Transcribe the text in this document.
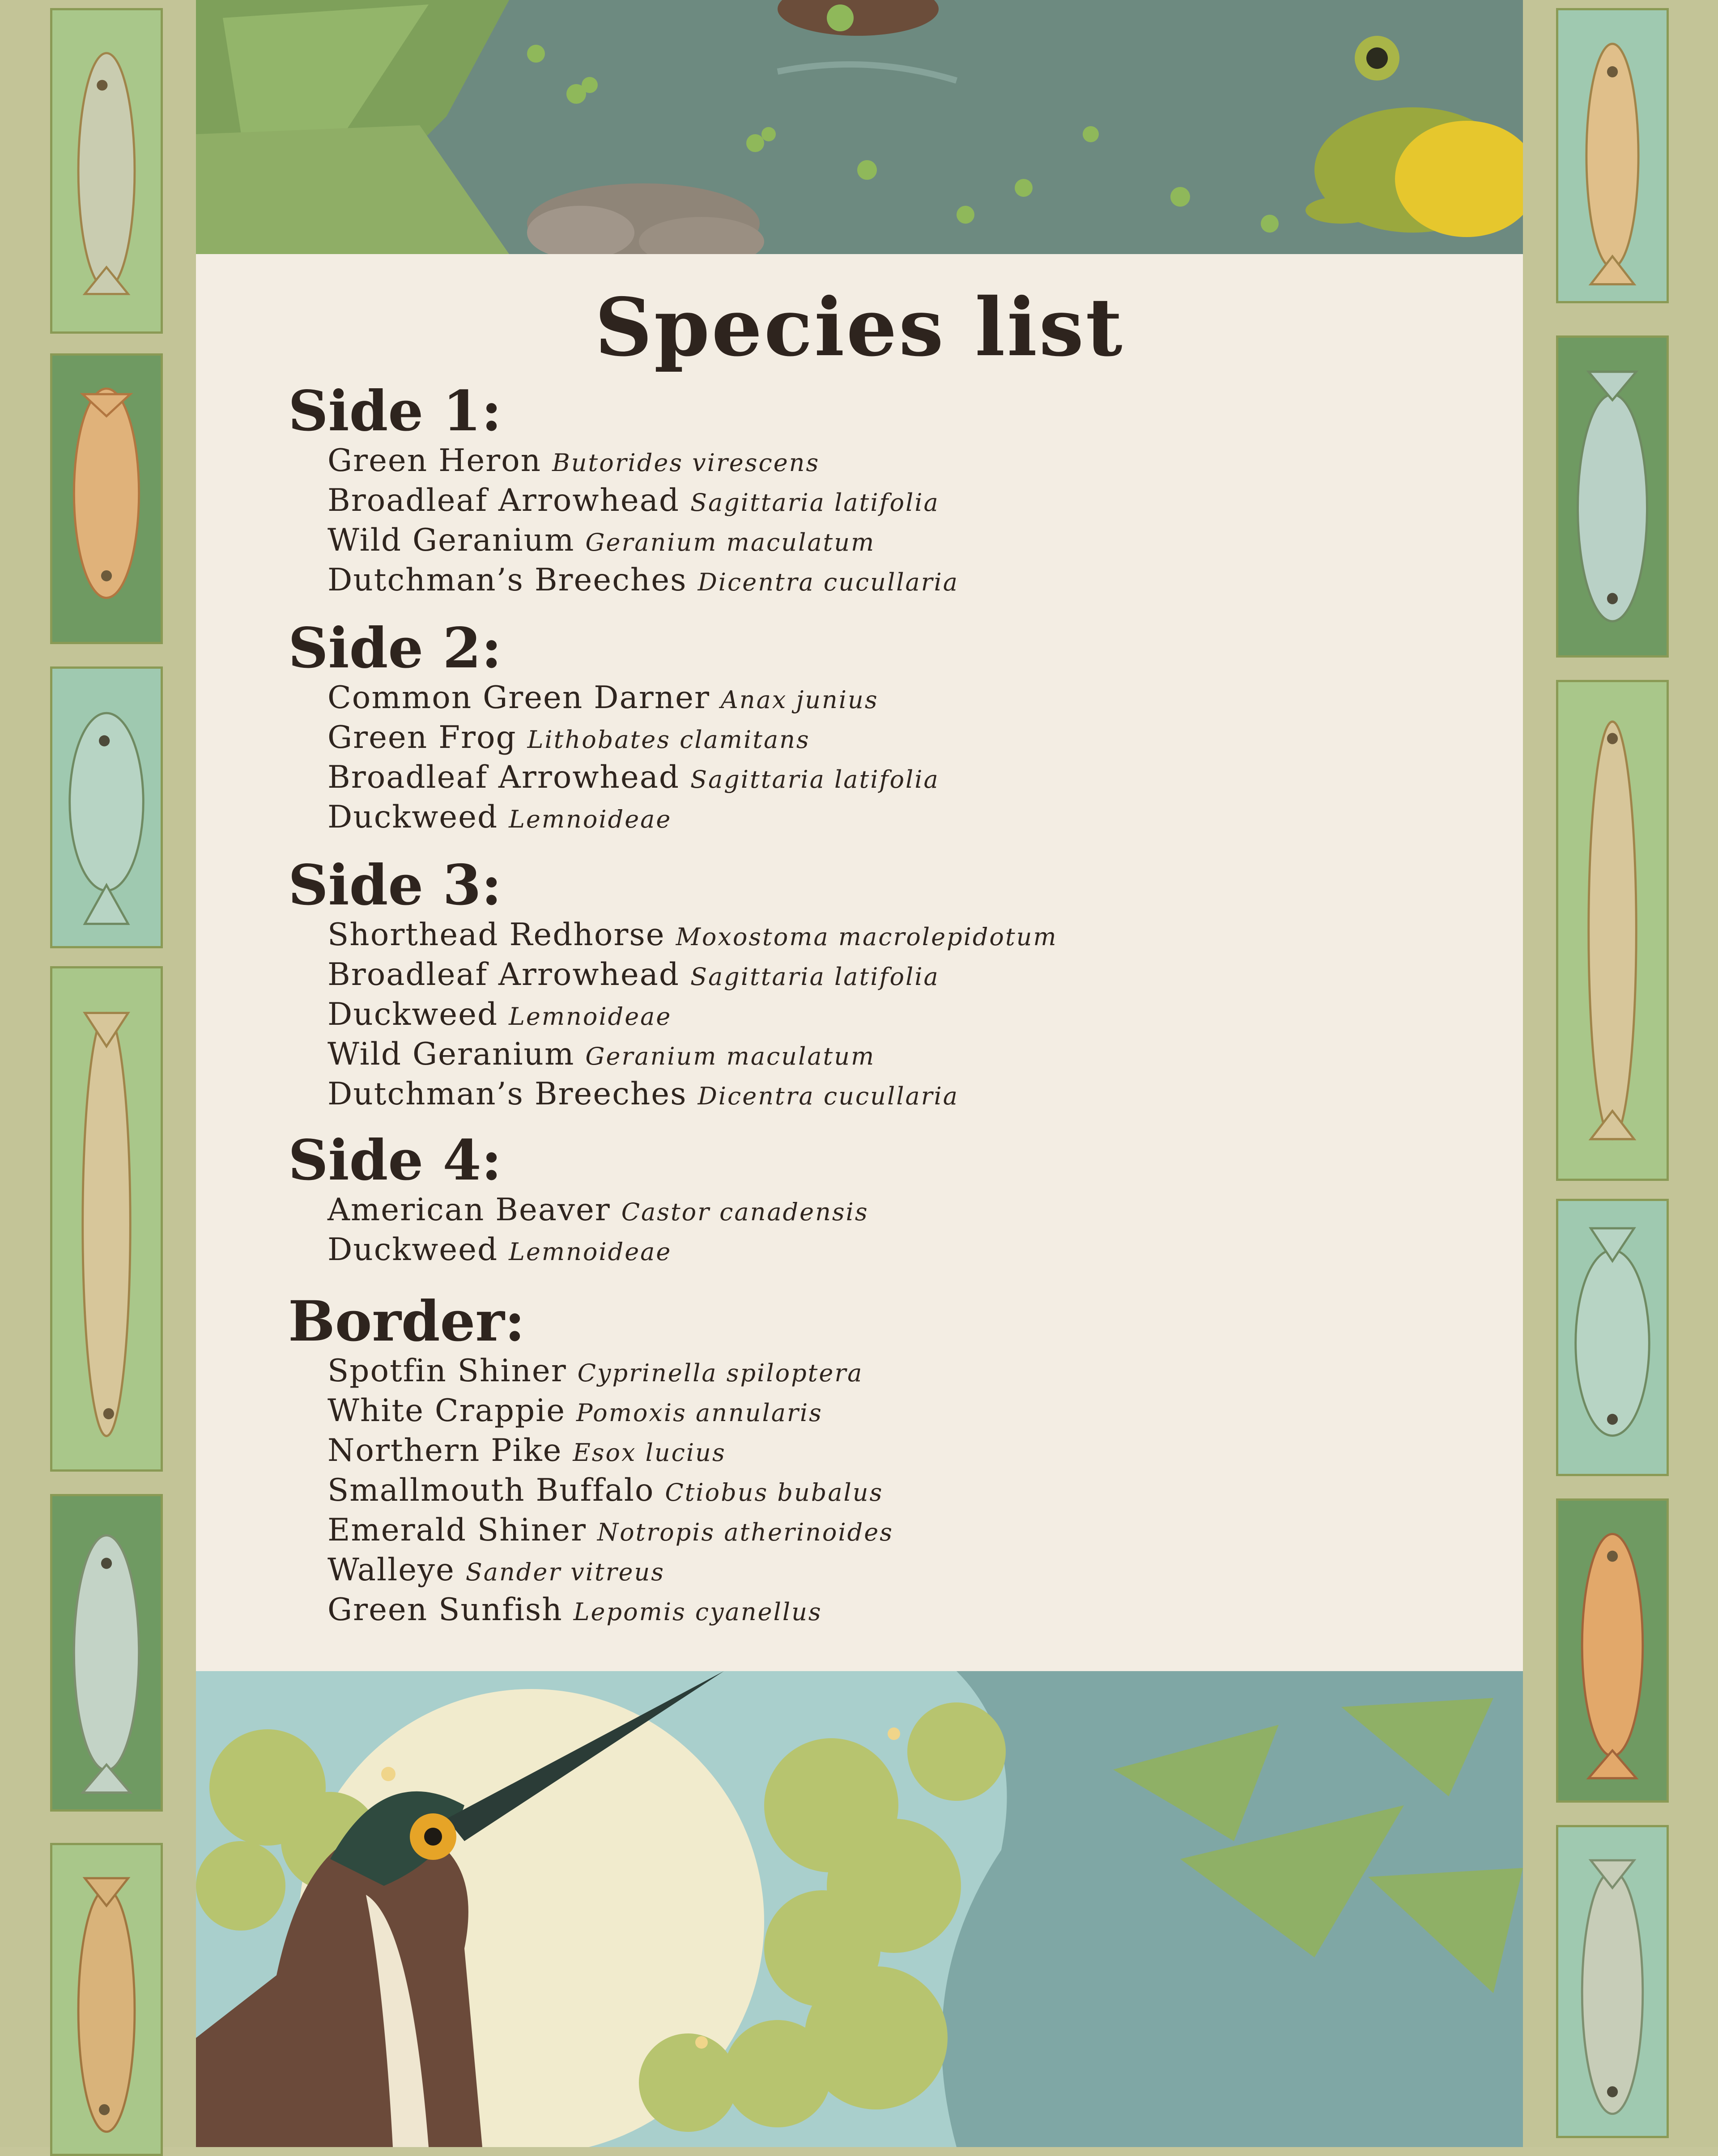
Species list
Side 1:
Green Heron Butorides virescens
Broadleaf Arrowhead Sagittaria latifolia
Wild Geranium Geranium maculatum
Dutchman’s Breeches Dicentra cucullaria
Side 2:
Common Green Darner Anax junius
Green Frog Lithobates clamitans
Broadleaf Arrowhead Sagittaria latifolia
Duckweed Lemnoideae
Side 3:
Shorthead Redhorse Moxostoma macrolepidotum
Broadleaf Arrowhead Sagittaria latifolia
Duckweed Lemnoideae
Wild Geranium Geranium maculatum
Dutchman’s Breeches Dicentra cucullaria
Side 4:
American Beaver Castor canadensis
Duckweed Lemnoideae
Border:
Spotfin Shiner Cyprinella spiloptera
White Crappie Pomoxis annularis
Northern Pike Esox lucius
Smallmouth Buffalo Ctiobus bubalus
Emerald Shiner Notropis atherinoides
Walleye Sander vitreus
Green Sunfish Lepomis cyanellus
